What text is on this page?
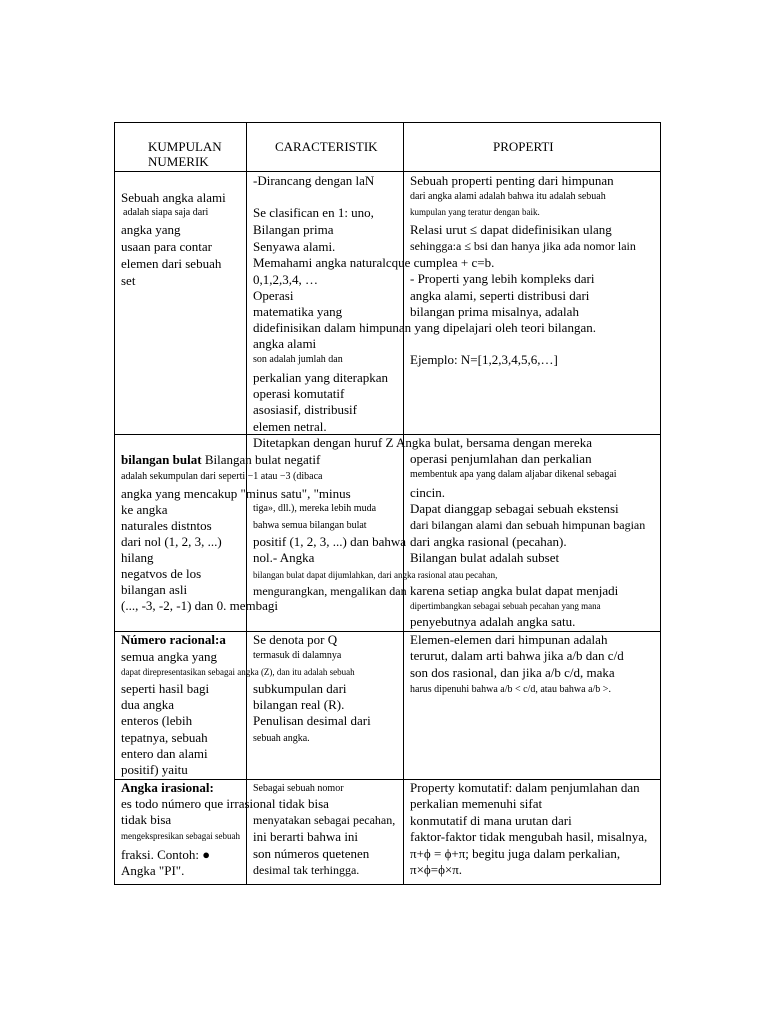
KUMPULAN
NUMERIK
CARACTERISTIK	PROPERTI
Sebuah angka alami
adalah siapa saja dari
angka yang
usaan para contar
elemen dari sebuah
set
-Dirancang dengan laN
Se clasifican en 1: uno,
Bilangan prima
Senyawa alami.
Memahami angka naturalcque cumplea + c=b.
0,1,2,3,4, …
Operasi
matematika yang
didefinisikan dalam himpunan yang dipelajari oleh teori bilangan.
angka alami
son adalah jumlah dan
perkalian yang diterapkan
operasi komutatif
asosiasif, distribusif
elemen netral.
Sebuah properti penting dari himpunan
dari angka alami adalah bahwa itu adalah sebuah
kumpulan yang teratur dengan baik.
Relasi urut ≤ dapat didefinisikan ulang
sehingga:a ≤ bsi dan hanya jika ada nomor lain
- Properti yang lebih kompleks dari
angka alami, seperti distribusi dari
bilangan prima misalnya, adalah
Ejemplo: N=[1,2,3,4,5,6,…]
bilangan bulat Bilangan bulat negatif
adalah sekumpulan dari seperti −1 atau −3 (dibaca
angka yang mencakup "minus satu", "minus
ke angka
naturales distntos
dari nol (1, 2, 3, ...)
hilang
negatvos de los
bilangan asli
(..., -3, -2, -1) dan 0. membagi
Ditetapkan dengan huruf Z Angka bulat, bersama dengan mereka
tiga», dll.), mereka lebih muda
bahwa semua bilangan bulat
positif (1, 2, 3, ...) dan bahwa
nol.- Angka
bilangan bulat dapat dijumlahkan, dari angka rasional atau pecahan,
mengurangkan, mengalikan dan
operasi penjumlahan dan perkalian
membentuk apa yang dalam aljabar dikenal sebagai
cincin.
Dapat dianggap sebagai sebuah ekstensi
dari bilangan alami dan sebuah himpunan bagian
dari angka rasional (pecahan).
Bilangan bulat adalah subset
karena setiap angka bulat dapat menjadi
dipertimbangkan sebagai sebuah pecahan yang mana
penyebutnya adalah angka satu.
Número racional:a
semua angka yang
dapat direpresentasikan sebagai angka (Z), dan itu adalah sebuah
seperti hasil bagi
dua angka
enteros (lebih
tepatnya, sebuah
entero dan alami
positif) yaitu
Se denota por Q
termasuk di dalamnya
subkumpulan dari
bilangan real (R).
Penulisan desimal dari
sebuah angka.
Elemen-elemen dari himpunan adalah
terurut, dalam arti bahwa jika a/b dan c/d
son dos rasional, dan jika a/b c/d, maka
harus dipenuhi bahwa a/b < c/d, atau bahwa a/b >.
Angka irasional:
es todo número que irrasional tidak bisa
tidak bisa
mengekspresikan sebagai sebuah
fraksi. Contoh: ●
Angka "PI".
Sebagai sebuah nomor
menyatakan sebagai pecahan,
ini berarti bahwa ini
son números quetenen
desimal tak terhingga.
Property komutatif: dalam penjumlahan dan
perkalian memenuhi sifat
konmutatif di mana urutan dari
faktor-faktor tidak mengubah hasil, misalnya,
π+ϕ = ϕ+π; begitu juga dalam perkalian,
π×ϕ=ϕ×π.
